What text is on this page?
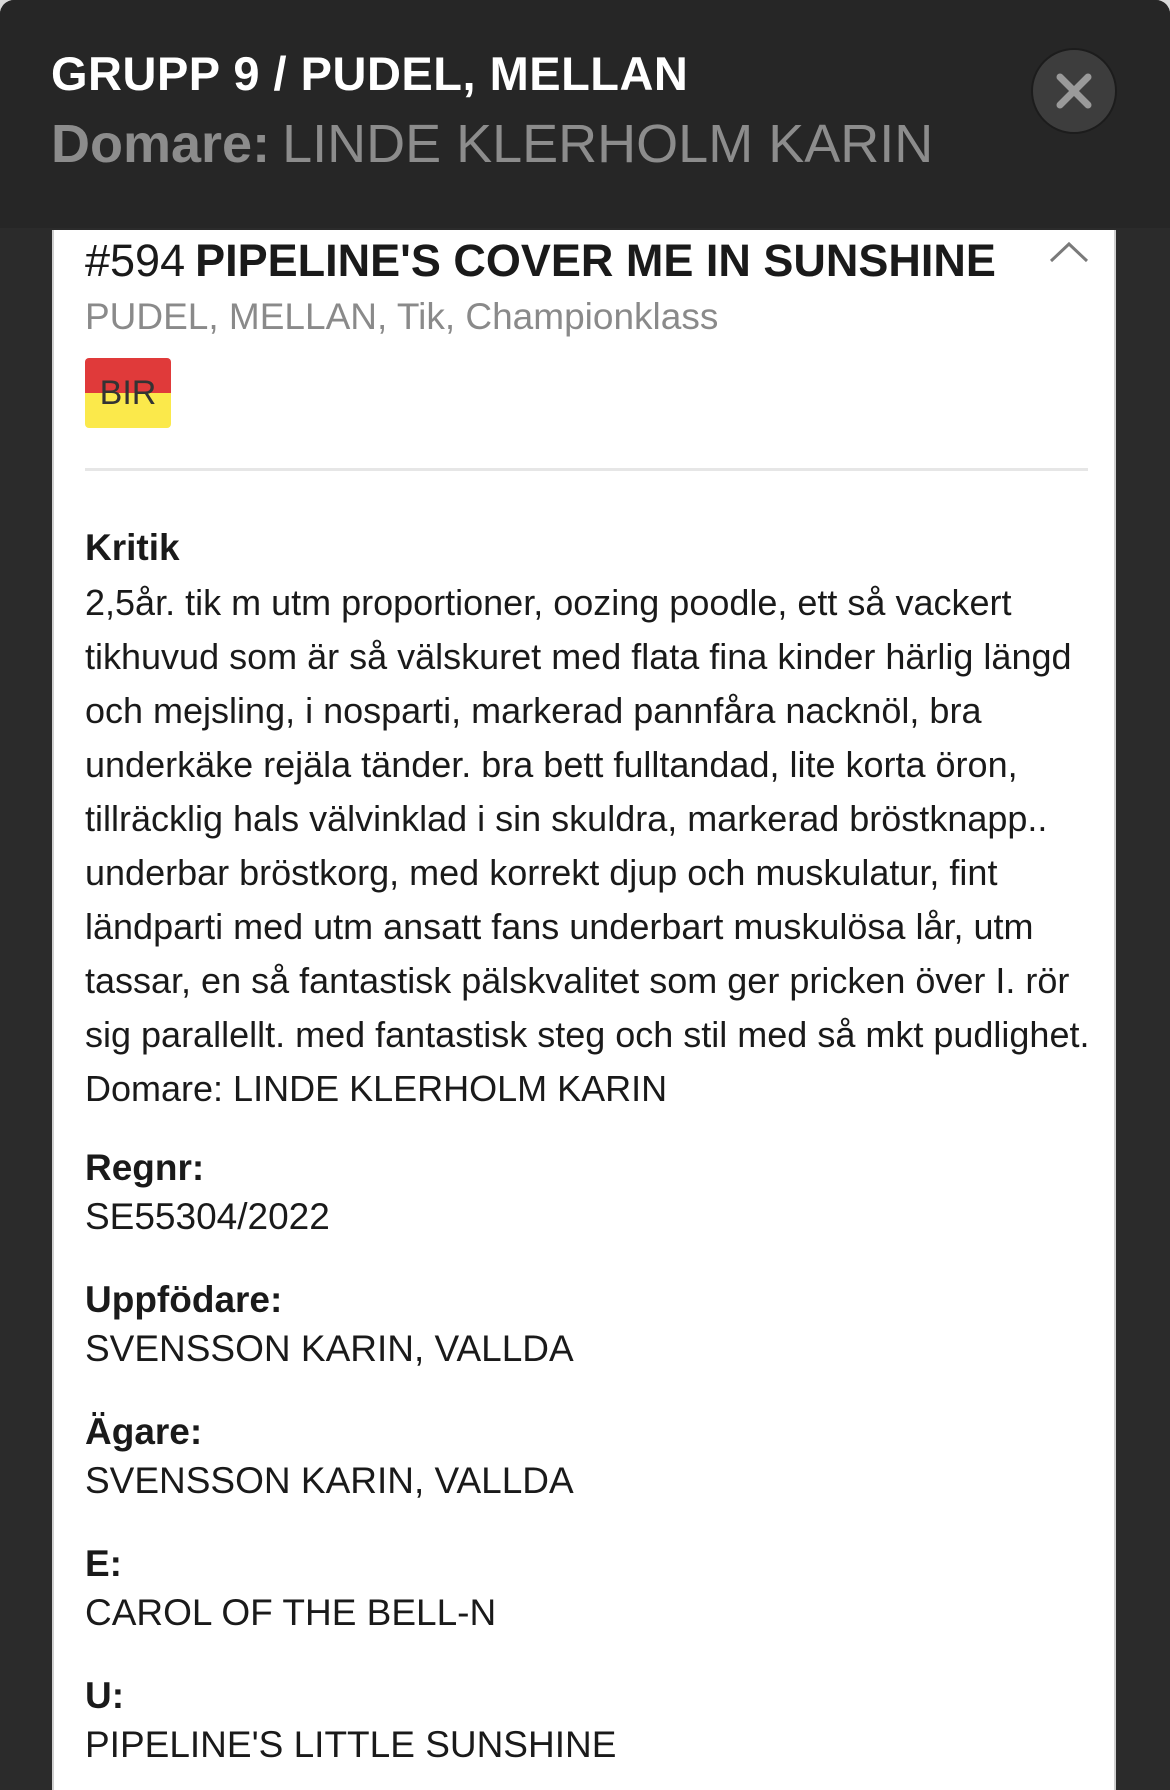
GRUPP 9 / PUDEL, MELLAN
Domare: LINDE KLERHOLM KARIN
#594 PIPELINE'S COVER ME IN SUNSHINE
PUDEL, MELLAN, Tik, Championklass
BIR
Kritik
2,5år. tik m utm proportioner, oozing poodle, ett så vackert
tikhuvud som är så välskuret med flata fina kinder härlig längd
och mejsling, i nosparti, markerad pannfåra nacknöl, bra
underkäke rejäla tänder. bra bett fulltandad, lite korta öron,
tillräcklig hals välvinklad i sin skuldra, markerad bröstknapp..
underbar bröstkorg, med korrekt djup och muskulatur, fint
ländparti med utm ansatt fans underbart muskulösa lår, utm
tassar, en så fantastisk pälskvalitet som ger pricken över I. rör
sig parallellt. med fantastisk steg och stil med så mkt pudlighet.
Domare: LINDE KLERHOLM KARIN
Regnr:
SE55304/2022
Uppfödare:
SVENSSON KARIN, VALLDA
Ägare:
SVENSSON KARIN, VALLDA
E:
CAROL OF THE BELL-N
U:
PIPELINE'S LITTLE SUNSHINE
